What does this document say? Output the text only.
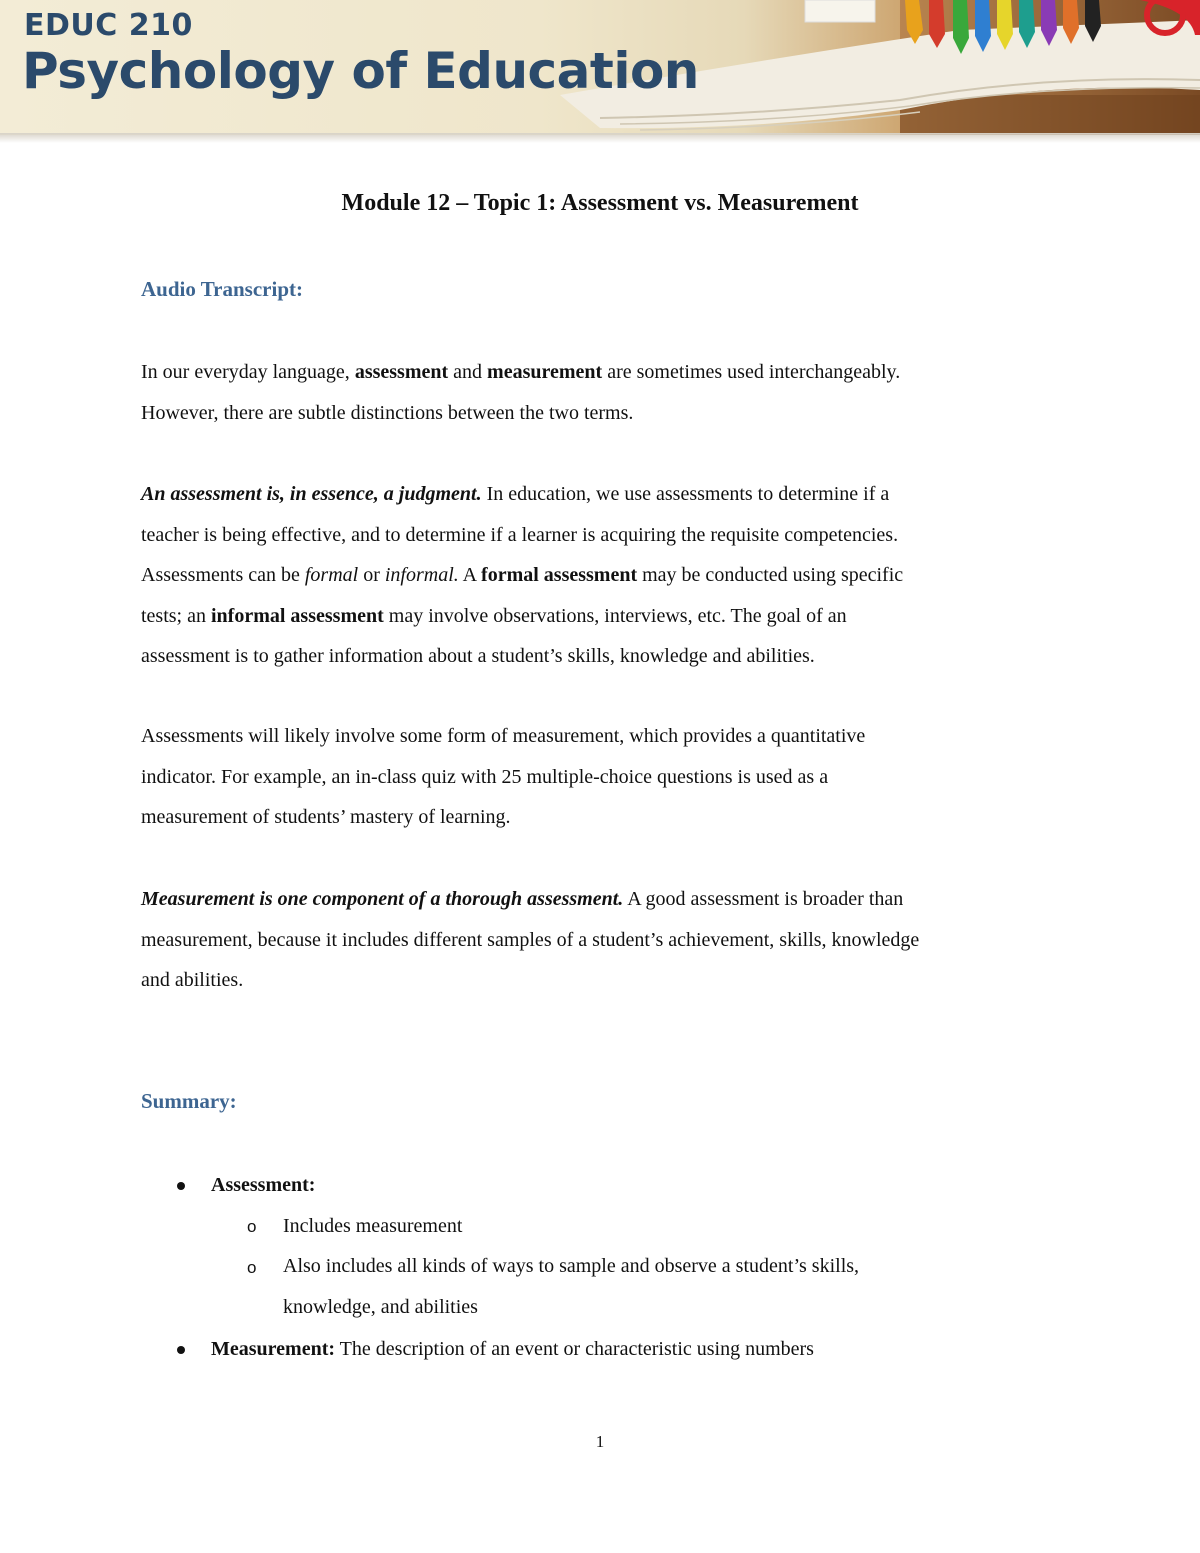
EDUC 210

Psychology of Education

Module 12 – Topic 1: Assessment vs. Measurement
Audio Transcript:

In our everyday language, assessment and measurement are sometimes used interchangeably.
However, there are subtle distinctions between the two terms.

An assessment is, in essence, a judgment. In education, we use assessments to determine if a
teacher is being effective, and to determine if a learner is acquiring the requisite competencies.
Assessments can be formal or informal. A formal assessment may be conducted using specific
tests; an informal assessment may involve observations, interviews, etc. The goal of an
assessment is to gather information about a student’s skills, knowledge and abilities.

Assessments will likely involve some form of measurement, which provides a quantitative
indicator. For example, an in-class quiz with 25 multiple-choice questions is used as a
measurement of students’ mastery of learning.

Measurement is one component of a thorough assessment. A good assessment is broader than
measurement, because it includes different samples of a student’s achievement, skills, knowledge
and abilities.

Summary:

Assessment:

o Includes measurement

o Also includes all kinds of ways to sample and observe a student’s skills,
knowledge, and abilities

Measurement: The description of an event or characteristic using numbers

1
